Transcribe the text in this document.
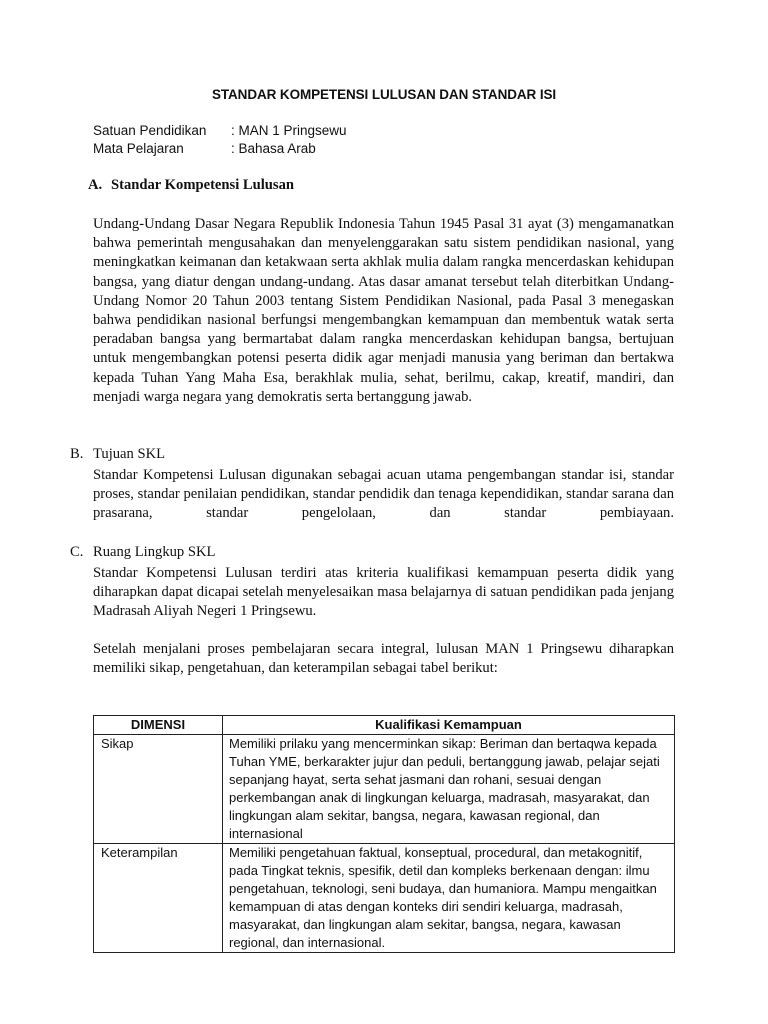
STANDAR KOMPETENSI LULUSAN DAN STANDAR ISI
Satuan Pendidikan : MAN 1 Pringsewu
Mata Pelajaran	: Bahasa Arab
A. Standar Kompetensi Lulusan
Undang-Undang Dasar Negara Republik Indonesia Tahun 1945 Pasal 31 ayat (3) mengamanatkan bahwa pemerintah mengusahakan dan menyelenggarakan satu sistem pendidikan nasional, yang meningkatkan keimanan dan ketakwaan serta akhlak mulia dalam rangka mencerdaskan kehidupan bangsa, yang diatur dengan undang-undang. Atas dasar amanat tersebut telah diterbitkan Undang-Undang Nomor 20 Tahun 2003 tentang Sistem Pendidikan Nasional, pada Pasal 3 menegaskan bahwa pendidikan nasional berfungsi mengembangkan kemampuan dan membentuk watak serta peradaban bangsa yang bermartabat dalam rangka mencerdaskan kehidupan bangsa, bertujuan untuk mengembangkan potensi peserta didik agar menjadi manusia yang beriman dan bertakwa kepada Tuhan Yang Maha Esa, berakhlak mulia, sehat, berilmu, cakap, kreatif, mandiri, dan menjadi warga negara yang demokratis serta bertanggung jawab.
B. Tujuan SKL
Standar Kompetensi Lulusan digunakan sebagai acuan utama pengembangan standar isi, standar proses, standar penilaian pendidikan, standar pendidik dan tenaga kependidikan, standar sarana dan prasarana, standar pengelolaan, dan standar pembiayaan.
C. Ruang Lingkup SKL
Standar Kompetensi Lulusan terdiri atas kriteria kualifikasi kemampuan peserta didik yang diharapkan dapat dicapai setelah menyelesaikan masa belajarnya di satuan pendidikan pada jenjang Madrasah Aliyah Negeri 1 Pringsewu.
Setelah menjalani proses pembelajaran secara integral, lulusan MAN 1 Pringsewu diharapkan memiliki sikap, pengetahuan, dan keterampilan sebagai tabel berikut:
DIMENSI	Kualifikasi Kemampuan
Sikap	Memiliki prilaku yang mencerminkan sikap: Beriman dan bertaqwa kepada Tuhan YME, berkarakter jujur dan peduli, bertanggung jawab, pelajar sejati sepanjang hayat, serta sehat jasmani dan rohani, sesuai dengan perkembangan anak di lingkungan keluarga, madrasah, masyarakat, dan lingkungan alam sekitar, bangsa, negara, kawasan regional, dan internasional
Keterampilan	Memiliki pengetahuan faktual, konseptual, procedural, dan metakognitif, pada Tingkat teknis, spesifik, detil dan kompleks berkenaan dengan: ilmu pengetahuan, teknologi, seni budaya, dan humaniora. Mampu mengaitkan kemampuan di atas dengan konteks diri sendiri keluarga, madrasah, masyarakat, dan lingkungan alam sekitar, bangsa, negara, kawasan regional, dan internasional.
